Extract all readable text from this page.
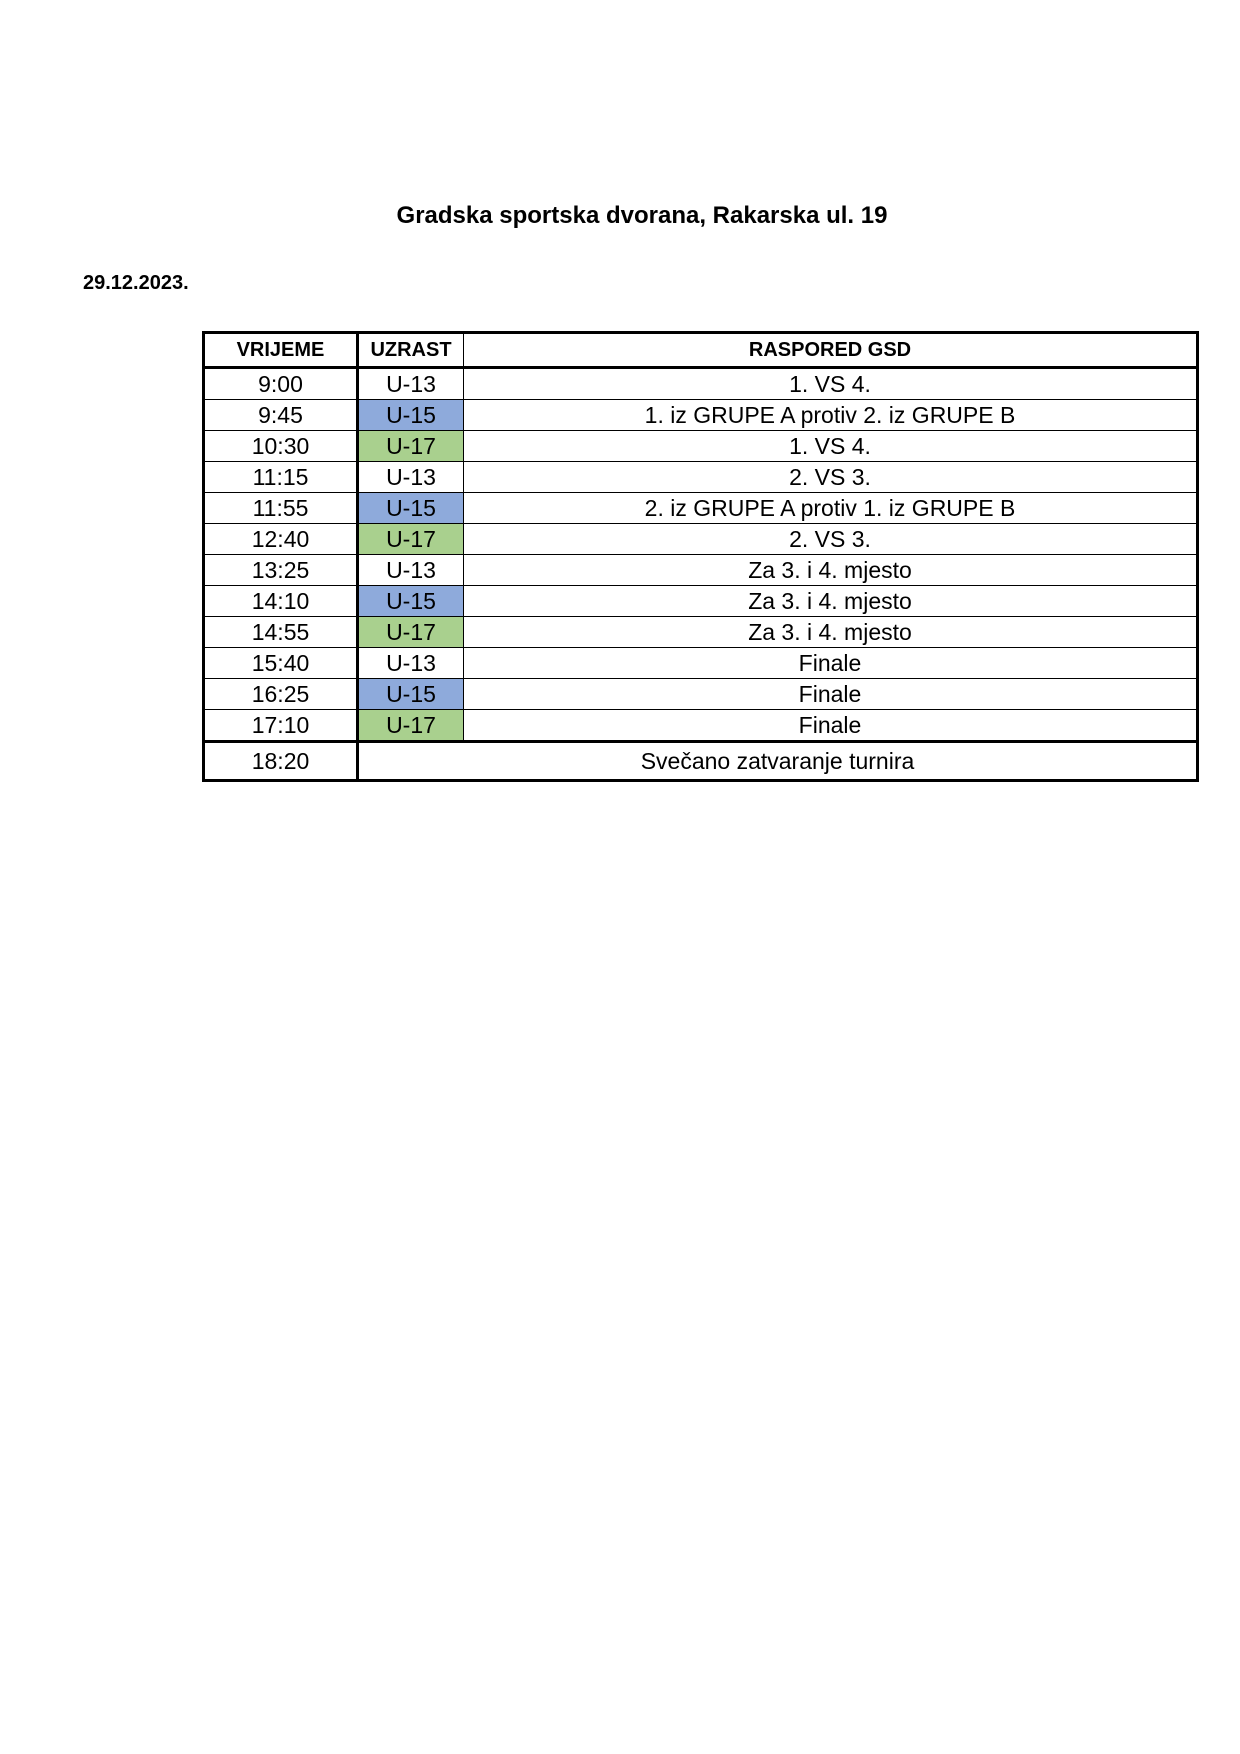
Gradska sportska dvorana, Rakarska ul. 19
29.12.2023.
VRIJEME	UZRAST	RASPORED GSD
9:00	U-13	1. VS 4.
9:45	U-15	1. iz GRUPE A protiv 2. iz GRUPE B
10:30	U-17	1. VS 4.
11:15	U-13	2. VS 3.
11:55	U-15	2. iz GRUPE A protiv 1. iz GRUPE B
12:40	U-17	2. VS 3.
13:25	U-13	Za 3. i 4. mjesto
14:10	U-15	Za 3. i 4. mjesto
14:55	U-17	Za 3. i 4. mjesto
15:40	U-13	Finale
16:25	U-15	Finale
17:10	U-17	Finale
18:20	Svečano zatvaranje turnira	
